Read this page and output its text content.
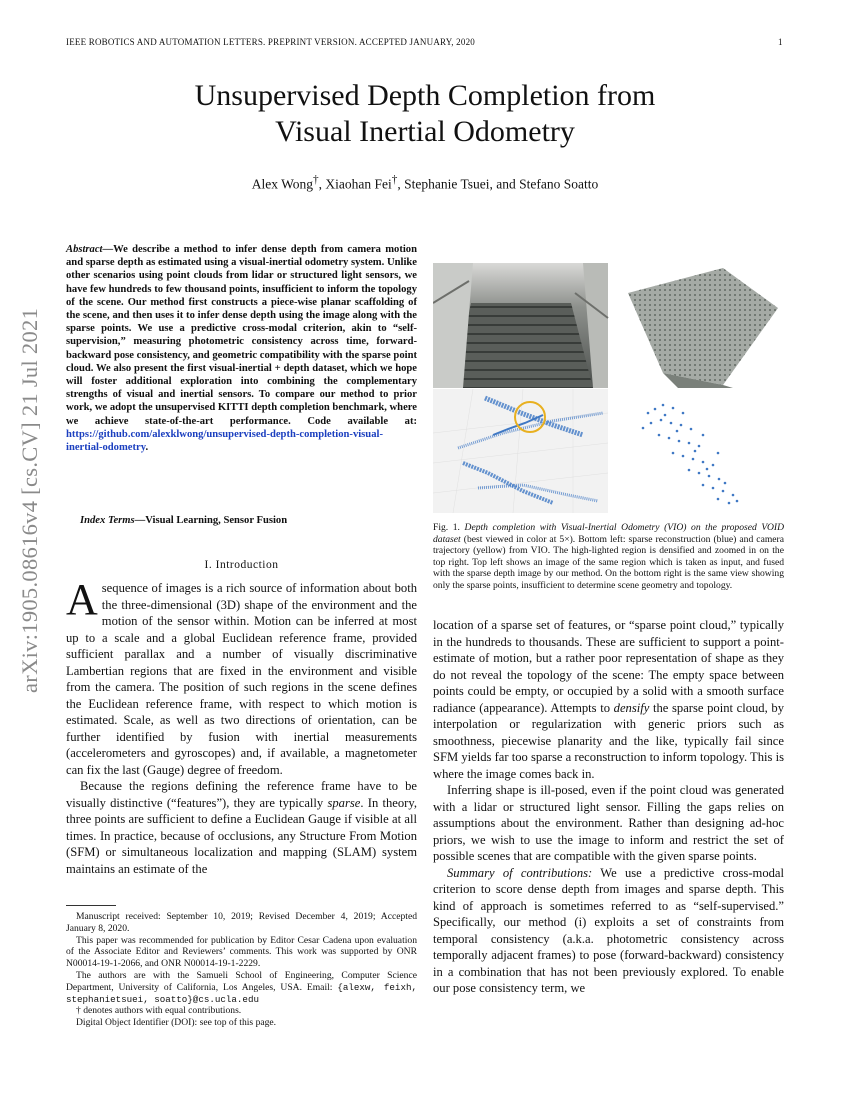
IEEE ROBOTICS AND AUTOMATION LETTERS. PREPRINT VERSION. ACCEPTED JANUARY, 2020	1
arXiv:1905.08616v4 [cs.CV] 21 Jul 2021
Unsupervised Depth Completion from
Visual Inertial Odometry
Alex Wong†, Xiaohan Fei†, Stephanie Tsuei, and Stefano Soatto
Abstract—We describe a method to infer dense depth from camera motion and sparse depth as estimated using a visual-inertial odometry system. Unlike other scenarios using point clouds from lidar or structured light sensors, we have few hundreds to few thousand points, insufficient to inform the topology of the scene. Our method first constructs a piece-wise planar scaffolding of the scene, and then uses it to infer dense depth using the image along with the sparse points. We use a predictive cross-modal criterion, akin to “self-supervision,” measuring photometric consistency across time, forward-backward pose consistency, and geometric compatibility with the sparse point cloud. We also present the first visual-inertial + depth dataset, which we hope will foster additional exploration into combining the complementary strengths of visual and inertial sensors. To compare our method to prior work, we adopt the unsupervised KITTI depth completion benchmark, where we achieve state-of-the-art performance. Code available at: https://github.com/alexklwong/unsupervised-depth-completion-visual-inertial-odometry.
Index Terms—Visual Learning, Sensor Fusion
I. Introduction

Asequence of images is a rich source of information about both the three-dimensional (3D) shape of the environment and the motion of the sensor within. Motion can be inferred at most up to a scale and a global Euclidean reference frame, provided sufficient parallax and a number of visually discriminative Lambertian regions that are fixed in the environment and visible from the camera. The position of such regions in the scene defines the Euclidean reference frame, with respect to which motion is estimated. Scale, as well as two directions of orientation, can be further identified by fusion with inertial measurements (accelerometers and gyroscopes) and, if available, a magnetometer can fix the last (Gauge) degree of freedom.

Because the regions defining the reference frame have to be visually distinctive (“features”), they are typically sparse. In theory, three points are sufficient to define a Euclidean Gauge if visible at all times. In practice, because of occlusions, any Structure From Motion (SFM) or simultaneous localization and mapping (SLAM) system maintains an estimate of the

Manuscript received: September 10, 2019; Revised December 4, 2019; Accepted January 8, 2020.

This paper was recommended for publication by Editor Cesar Cadena upon evaluation of the Associate Editor and Reviewers’ comments. This work was supported by ONR N00014-19-1-2066, and ONR N00014-19-1-2229.

The authors are with the Samueli School of Engineering, Computer Science Department, University of California, Los Angeles, USA. Email: {alexw, feixh, stephanietsuei, soatto}@cs.ucla.edu

† denotes authors with equal contributions.

Digital Object Identifier (DOI): see top of this page.

Fig. 1. Depth completion with Visual-Inertial Odometry (VIO) on the proposed VOID dataset (best viewed in color at 5×). Bottom left: sparse reconstruction (blue) and camera trajectory (yellow) from VIO. The high-lighted region is densified and zoomed in on the top right. Top left shows an image of the same region which is taken as input, and fused with the sparse depth image by our method. On the bottom right is the same view showing only the sparse points, insufficient to determine scene geometry and topology.

location of a sparse set of features, or “sparse point cloud,” typically in the hundreds to thousands. These are sufficient to support a point-estimate of motion, but a rather poor representation of shape as they do not reveal the topology of the scene: The empty space between points could be empty, or occupied by a solid with a smooth surface radiance (appearance). Attempts to densify the sparse point cloud, by interpolation or regularization with generic priors such as smoothness, piecewise planarity and the like, typically fail since SFM yields far too sparse a reconstruction to inform topology. This is where the image comes back in.

Inferring shape is ill-posed, even if the point cloud was generated with a lidar or structured light sensor. Filling the gaps relies on assumptions about the environment. Rather than designing ad-hoc priors, we wish to use the image to inform and restrict the set of possible scenes that are compatible with the given sparse points.

Summary of contributions: We use a predictive cross-modal criterion to score dense depth from images and sparse depth. This kind of approach is sometimes referred to as “self-supervised.” Specifically, our method (i) exploits a set of constraints from temporal consistency (a.k.a. photometric consistency across temporally adjacent frames) to pose (forward-backward) consistency in a combination that has not been previously explored. To enable our pose consistency term, we
